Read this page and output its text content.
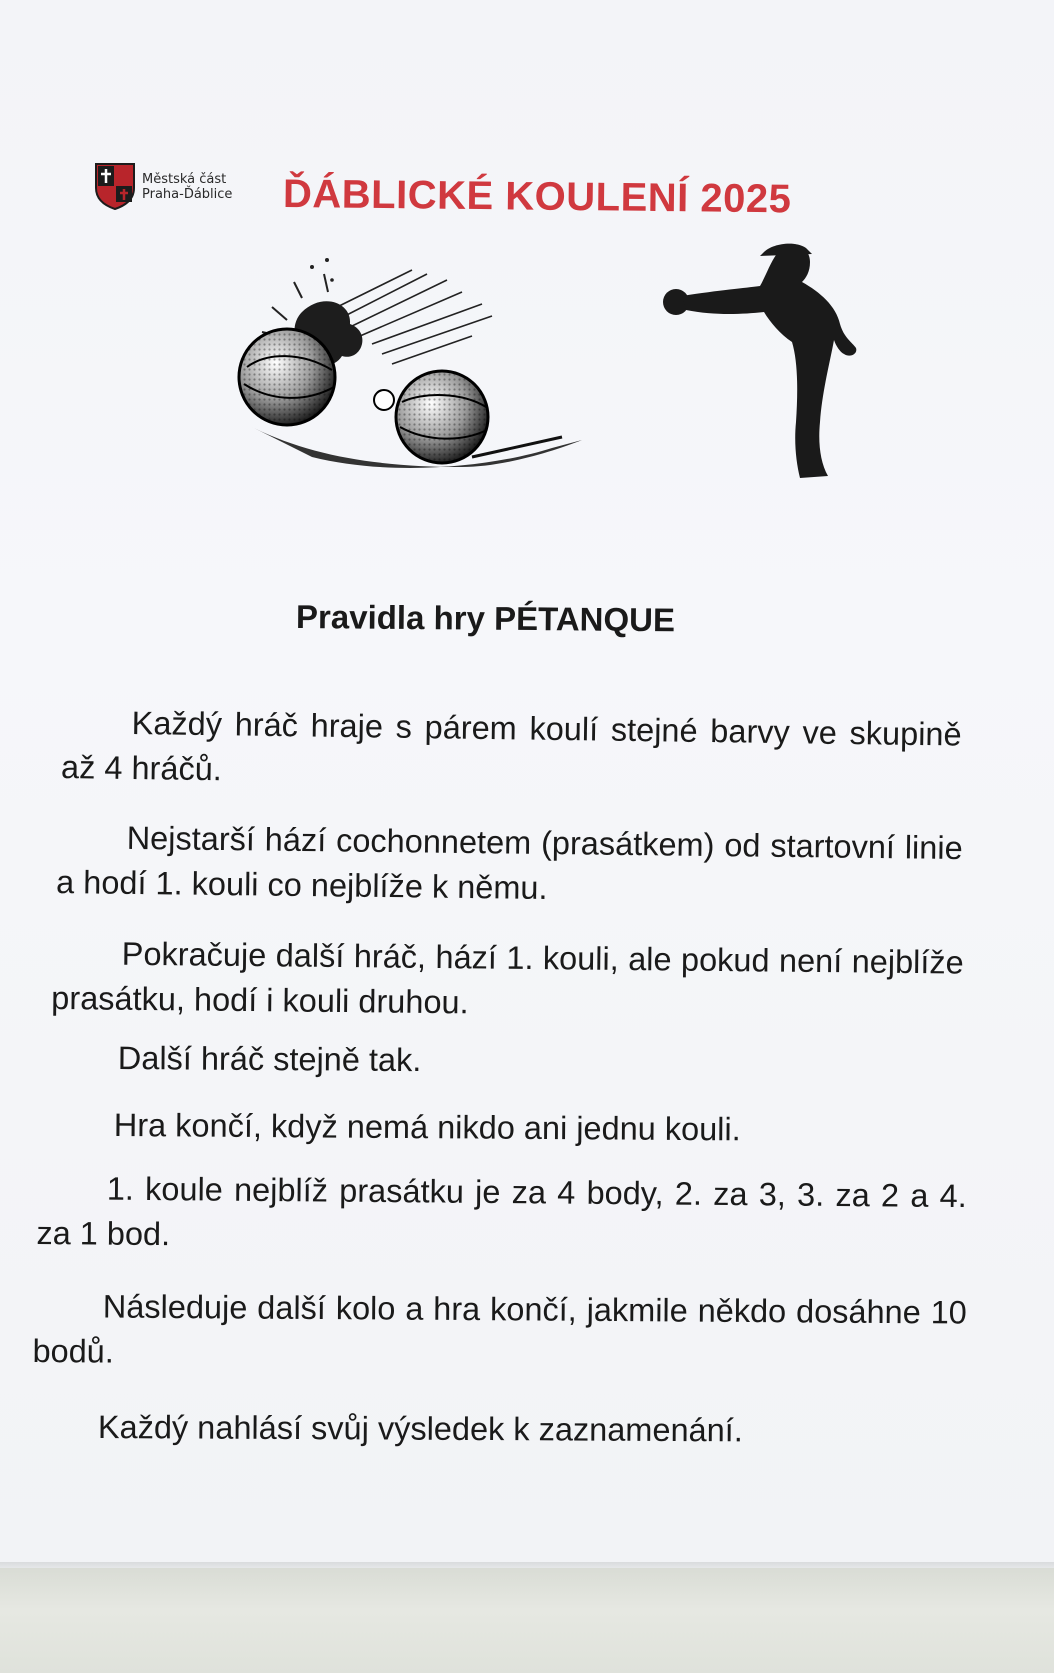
Městská část
Praha-Ďáblice ĎÁBLICKÉ KOULENÍ 2025
Pravidla hry PÉTANQUE

Každý hráč hraje s párem koulí stejné barvy ve skupině až 4 hráčů.

Nejstarší hází cochonnetem (prasátkem) od startovní linie a hodí 1. kouli co nejblíže k němu.

Pokračuje další hráč, hází 1. kouli, ale pokud není nejblíže prasátku, hodí i kouli druhou.

Další hráč stejně tak.

Hra končí, když nemá nikdo ani jednu kouli.

1. koule nejblíž prasátku je za 4 body, 2. za 3, 3. za 2 a 4. za 1 bod.

Následuje další kolo a hra končí, jakmile někdo dosáhne 10 bodů.

Každý nahlásí svůj výsledek k zaznamenání.
